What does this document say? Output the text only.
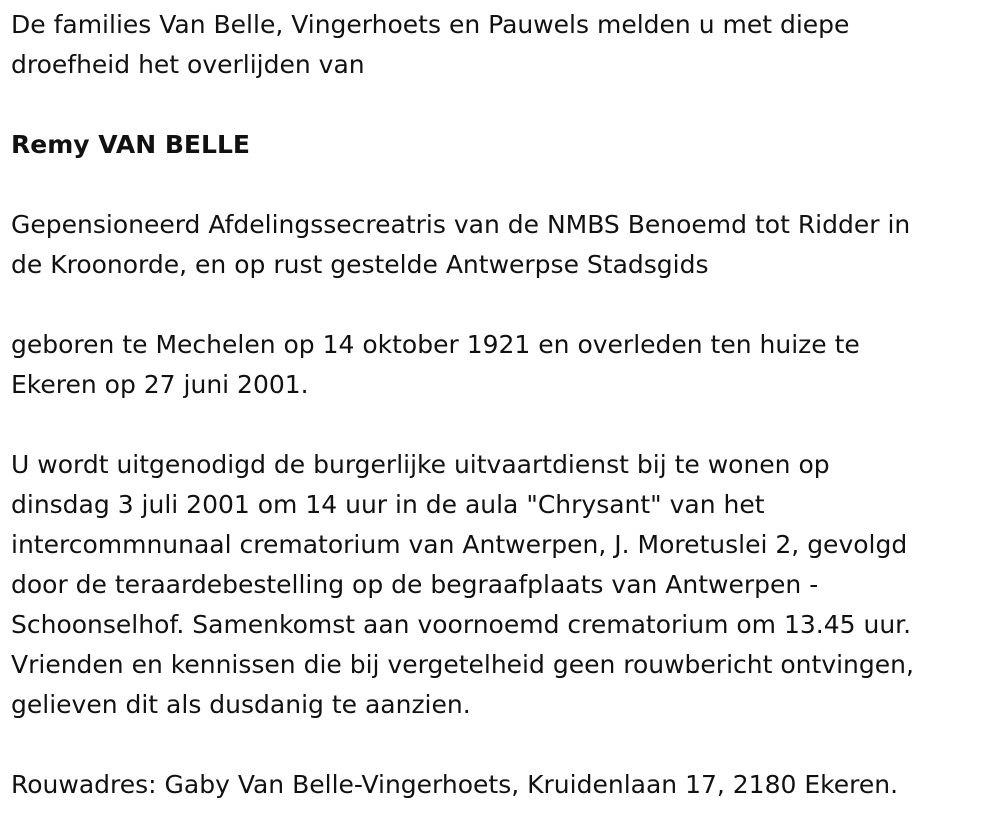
De families Van Belle, Vingerhoets en Pauwels melden u met diepe
droefheid het overlijden van

Remy VAN BELLE

Gepensioneerd Afdelingssecreatris van de NMBS Benoemd tot Ridder in
de Kroonorde, en op rust gestelde Antwerpse Stadsgids

geboren te Mechelen op 14 oktober 1921 en overleden ten huize te
Ekeren op 27 juni 2001.

U wordt uitgenodigd de burgerlijke uitvaartdienst bij te wonen op
dinsdag 3 juli 2001 om 14 uur in de aula "Chrysant" van het
intercommnunaal crematorium van Antwerpen, J. Moretuslei 2, gevolgd
door de teraardebestelling op de begraafplaats van Antwerpen -
Schoonselhof. Samenkomst aan voornoemd crematorium om 13.45 uur.
Vrienden en kennissen die bij vergetelheid geen rouwbericht ontvingen,
gelieven dit als dusdanig te aanzien.

Rouwadres: Gaby Van Belle-Vingerhoets, Kruidenlaan 17, 2180 Ekeren.
